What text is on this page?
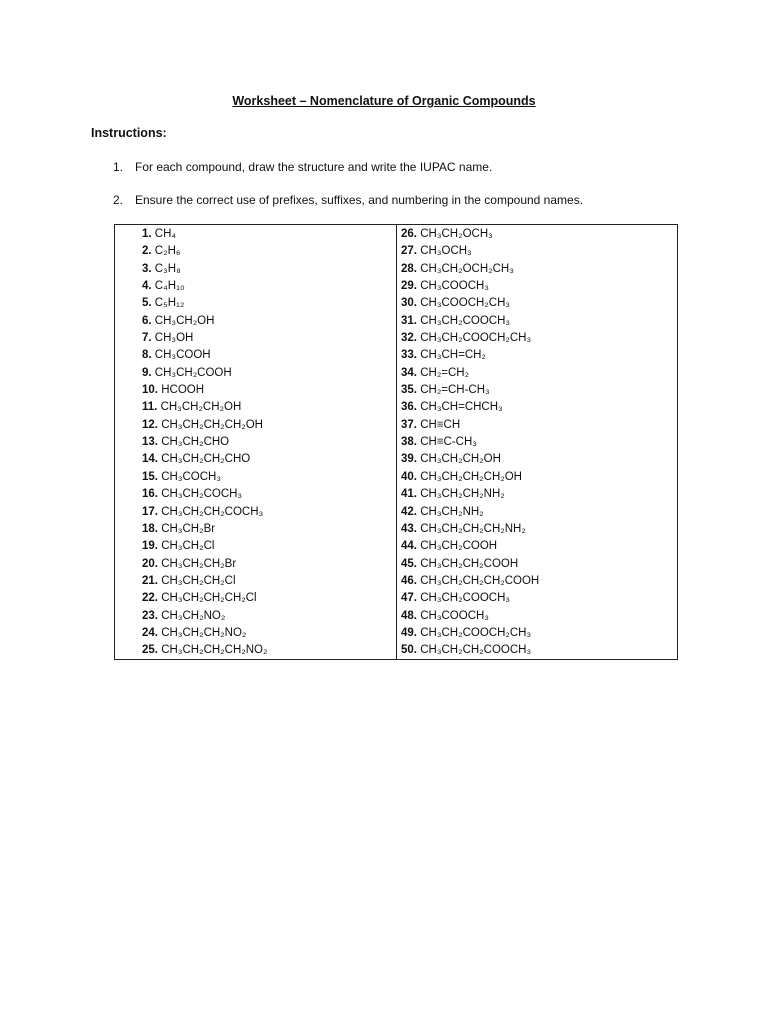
Worksheet – Nomenclature of Organic Compounds
Instructions:
1. For each compound, draw the structure and write the IUPAC name.
2. Ensure the correct use of prefixes, suffixes, and numbering in the compound names.
1. CH₄
2. C₂H₆
3. C₃H₈
4. C₄H₁₀
5. C₅H₁₂
6. CH₃CH₂OH
7. CH₃OH
8. CH₃COOH
9. CH₃CH₂COOH
10. HCOOH
11. CH₃CH₂CH₂OH
12. CH₃CH₂CH₂CH₂OH
13. CH₃CH₂CHO
14. CH₃CH₂CH₂CHO
15. CH₃COCH₃
16. CH₃CH₂COCH₃
17. CH₃CH₂CH₂COCH₃
18. CH₃CH₂Br
19. CH₃CH₂Cl
20. CH₃CH₂CH₂Br
21. CH₃CH₂CH₂Cl
22. CH₃CH₂CH₂CH₂Cl
23. CH₃CH₂NO₂
24. CH₃CH₂CH₂NO₂
25. CH₃CH₂CH₂CH₂NO₂
26. CH₃CH₂OCH₃
27. CH₃OCH₃
28. CH₃CH₂OCH₂CH₃
29. CH₃COOCH₃
30. CH₃COOCH₂CH₃
31. CH₃CH₂COOCH₃
32. CH₃CH₂COOCH₂CH₃
33. CH₃CH=CH₂
34. CH₂=CH₂
35. CH₂=CH-CH₃
36. CH₃CH=CHCH₃
37. CH≡CH
38. CH≡C-CH₃
39. CH₃CH₂CH₂OH
40. CH₃CH₂CH₂CH₂OH
41. CH₃CH₂CH₂NH₂
42. CH₃CH₂NH₂
43. CH₃CH₂CH₂CH₂NH₂
44. CH₃CH₂COOH
45. CH₃CH₂CH₂COOH
46. CH₃CH₂CH₂CH₂COOH
47. CH₃CH₂COOCH₃
48. CH₃COOCH₃
49. CH₃CH₂COOCH₂CH₃
50. CH₃CH₂CH₂COOCH₃
